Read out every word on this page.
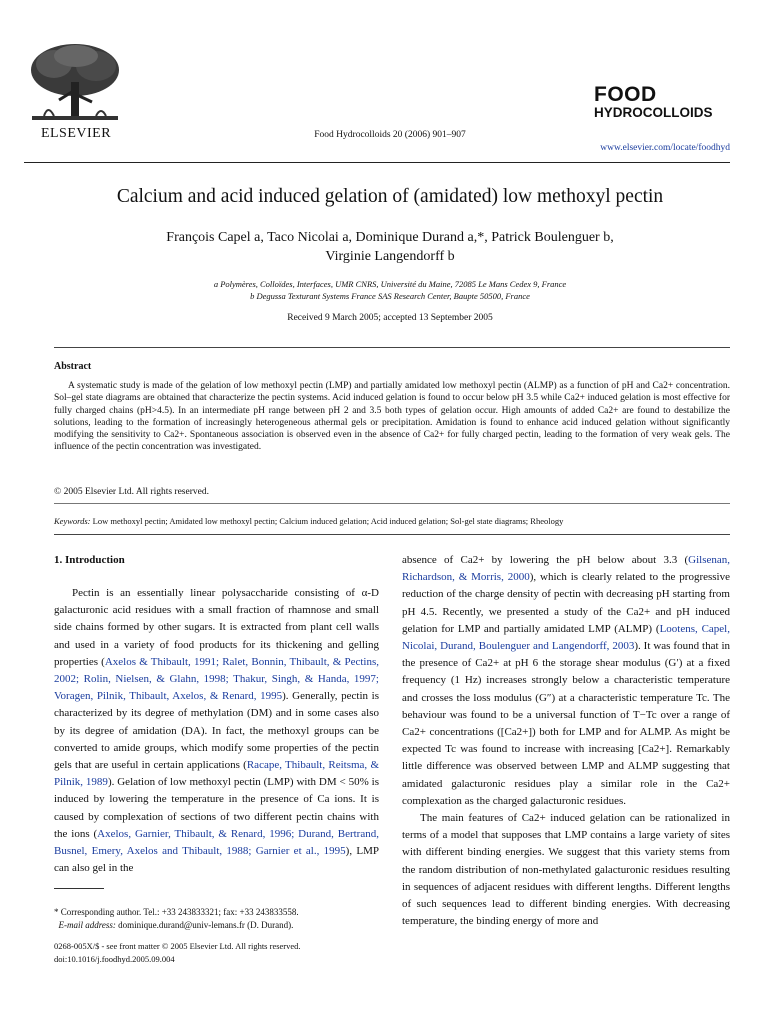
ELSEVIER	Food Hydrocolloids 20 (2006) 901–907
FOOD
HYDROCOLLOIDS
www.elsevier.com/locate/foodhyd
Calcium and acid induced gelation of (amidated) low methoxyl pectin
François Capel a, Taco Nicolai a, Dominique Durand a,*, Patrick Boulenguer b,
Virginie Langendorff b
a Polymères, Colloïdes, Interfaces, UMR CNRS, Université du Maine, 72085 Le Mans Cedex 9, France
b Degussa Texturant Systems France SAS Research Center, Baupte 50500, France
Received 9 March 2005; accepted 13 September 2005
Abstract

A systematic study is made of the gelation of low methoxyl pectin (LMP) and partially amidated low methoxyl pectin (ALMP) as a function of pH and Ca2+ concentration. Sol–gel state diagrams are obtained that characterize the pectin systems. Acid induced gelation is found to occur below pH 3.5 while Ca2+ induced gelation is most effective for fully charged chains (pH>4.5). In an intermediate pH range between pH 2 and 3.5 both types of gelation occur. High amounts of added Ca2+ are found to destabilize the solutions, leading to the formation of increasingly heterogeneous athermal gels or precipitation. Amidation is found to enhance acid induced gelation without significantly modifying the sensitivity to Ca2+. Spontaneous association is observed even in the absence of Ca2+ for fully charged pectin, leading to the formation of very weak gels. The influence of the pectin concentration was investigated.

© 2005 Elsevier Ltd. All rights reserved.
Keywords: Low methoxyl pectin; Amidated low methoxyl pectin; Calcium induced gelation; Acid induced gelation; Sol-gel state diagrams; Rheology
1. Introduction

Pectin is an essentially linear polysaccharide consisting of α-D galacturonic acid residues with a small fraction of rhamnose and small side chains formed by other sugars. It is extracted from plant cell walls and used in a variety of food products for its thickening and gelling properties (Axelos & Thibault, 1991; Ralet, Bonnin, Thibault, & Pectins, 2002; Rolin, Nielsen, & Glahn, 1998; Thakur, Singh, & Handa, 1997; Voragen, Pilnik, Thibault, Axelos, & Renard, 1995). Generally, pectin is characterized by its degree of methylation (DM) and in some cases also by its degree of amidation (DA). In fact, the methoxyl groups can be converted to amide groups, which modify some properties of the pectin gels that are useful in certain applications (Racape, Thibault, Reitsma, & Pilnik, 1989). Gelation of low methoxyl pectin (LMP) with DM < 50% is induced by lowering the temperature in the presence of Ca ions. It is caused by complexation of sections of two different pectin chains with the ions (Axelos, Garnier, Thibault, & Renard, 1996; Durand, Bertrand, Busnel, Emery, Axelos and Thibault, 1988; Garnier et al., 1995), LMP can also gel in the

absence of Ca2+ by lowering the pH below about 3.3 (Gilsenan, Richardson, & Morris, 2000), which is clearly related to the progressive reduction of the charge density of pectin with decreasing pH starting from pH 4.5. Recently, we presented a study of the Ca2+ and pH induced gelation for LMP and partially amidated LMP (ALMP) (Lootens, Capel, Nicolai, Durand, Boulenguer and Langendorff, 2003). It was found that in the presence of Ca2+ at pH 6 the storage shear modulus (G′) at a fixed frequency (1 Hz) increases strongly below a characteristic temperature and crosses the loss modulus (G″) at a characteristic temperature Tc. The behaviour was found to be a universal function of T−Tc over a range of Ca2+ concentrations ([Ca2+]) both for LMP and for ALMP. As might be expected Tc was found to increase with increasing [Ca2+]. Remarkably little difference was observed between LMP and ALMP suggesting that amidated galacturonic residues play a similar role in the Ca2+ complexation as the charged galacturonic residues.

The main features of Ca2+ induced gelation can be rationalized in terms of a model that supposes that LMP contains a large variety of sites with different binding energies. We suggest that this variety stems from the random distribution of non-methylated galacturonic residues resulting in sequences of adjacent residues with different lengths. Different lengths of such sequences lead to different binding energies. With decreasing temperature, the binding energy of more and

* Corresponding author. Tel.: +33 243833321; fax: +33 243833558.
E-mail address: dominique.durand@univ-lemans.fr (D. Durand).
0268-005X/$ - see front matter © 2005 Elsevier Ltd. All rights reserved.
doi:10.1016/j.foodhyd.2005.09.004
